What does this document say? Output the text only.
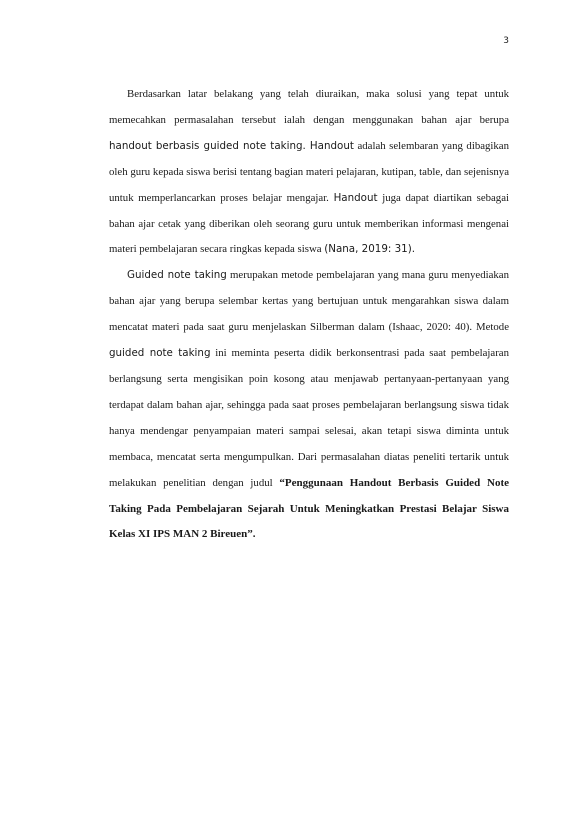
3

Berdasarkan latar belakang yang telah diuraikan, maka solusi yang tepat untuk memecahkan permasalahan tersebut ialah dengan menggunakan bahan ajar berupa handout berbasis guided note taking. Handout adalah selembaran yang dibagikan oleh guru kepada siswa berisi tentang bagian materi pelajaran, kutipan, table, dan sejenisnya untuk memperlancarkan proses belajar mengajar. Handout juga dapat diartikan sebagai bahan ajar cetak yang diberikan oleh seorang guru untuk memberikan informasi mengenai materi pembelajaran secara ringkas kepada siswa (Nana, 2019: 31).

Guided note taking merupakan metode pembelajaran yang mana guru menyediakan bahan ajar yang berupa selembar kertas yang bertujuan untuk mengarahkan siswa dalam mencatat materi pada saat guru menjelaskan Silberman dalam (Ishaac, 2020: 40). Metode guided note taking ini meminta peserta didik berkonsentrasi pada saat pembelajaran berlangsung serta mengisikan poin kosong atau menjawab pertanyaan-pertanyaan yang terdapat dalam bahan ajar, sehingga pada saat proses pembelajaran berlangsung siswa tidak hanya mendengar penyampaian materi sampai selesai, akan tetapi siswa diminta untuk membaca, mencatat serta mengumpulkan. Dari permasalahan diatas peneliti tertarik untuk melakukan penelitian dengan judul “Penggunaan Handout Berbasis Guided Note Taking Pada Pembelajaran Sejarah Untuk Meningkatkan Prestasi Belajar Siswa Kelas XI IPS MAN 2 Bireuen”.
